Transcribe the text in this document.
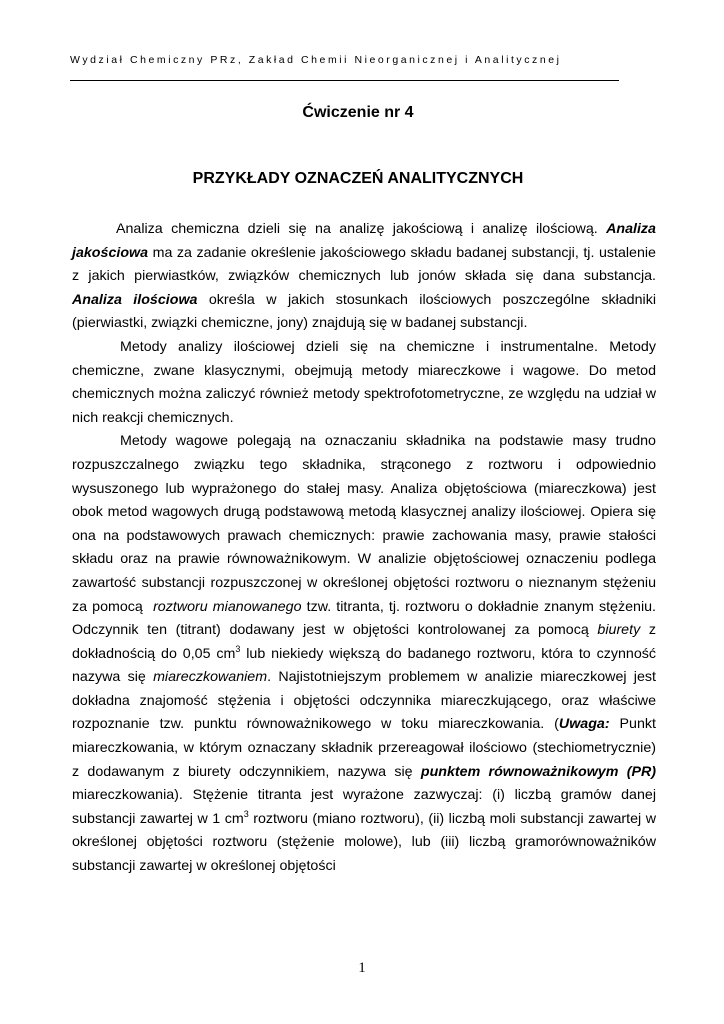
Wydział Chemiczny PRz, Zakład Chemii Nieorganicznej i Analitycznej
Ćwiczenie nr 4
PRZYKŁADY OZNACZEŃ ANALITYCZNYCH

Analiza chemiczna dzieli się na analizę jakościową i analizę ilościową. Analiza jakościowa ma za zadanie określenie jakościowego składu badanej substancji, tj. ustalenie z jakich pierwiastków, związków chemicznych lub jonów składa się dana substancja. Analiza ilościowa określa w jakich stosunkach ilościowych poszczególne składniki (pierwiastki, związki chemiczne, jony) znajdują się w badanej substancji.

Metody analizy ilościowej dzieli się na chemiczne i instrumentalne. Metody chemiczne, zwane klasycznymi, obejmują metody miareczkowe i wagowe. Do metod chemicznych można zaliczyć również metody spektrofotometryczne, ze względu na udział w nich reakcji chemicznych.

Metody wagowe polegają na oznaczaniu składnika na podstawie masy trudno rozpuszczalnego związku tego składnika, strąconego z roztworu i odpowiednio wysuszonego lub wyprażonego do stałej masy. Analiza objętościowa (miareczkowa) jest obok metod wagowych drugą podstawową metodą klasycznej analizy ilościowej. Opiera się ona na podstawowych prawach chemicznych: prawie zachowania masy, prawie stałości składu oraz na prawie równoważnikowym. W analizie objętościowej oznaczeniu podlega zawartość substancji rozpuszczonej w określonej objętości roztworu o nieznanym stężeniu za pomocą roztworu mianowanego tzw. titranta, tj. roztworu o dokładnie znanym stężeniu. Odczynnik ten (titrant) dodawany jest w objętości kontrolowanej za pomocą biurety z dokładnością do 0,05 $cm^3$ lub niekiedy większą do badanego roztworu, która to czynność nazywa się miareczkowaniem. Najistotniejszym problemem w analizie miareczkowej jest dokładna znajomość stężenia i objętości odczynnika miareczkującego, oraz właściwe rozpoznanie tzw. punktu równoważnikowego w toku miareczkowania. (Uwaga: Punkt miareczkowania, w którym oznaczany składnik przereagował ilościowo (stechiometrycznie) z dodawanym z biurety odczynnikiem, nazywa się punktem równoważnikowym (PR) miareczkowania). Stężenie titranta jest wyrażone zazwyczaj: (i) liczbą gramów danej substancji zawartej w 1 $cm^3$ roztworu (miano roztworu), (ii) liczbą moli substancji zawartej w określonej objętości roztworu (stężenie molowe), lub (iii) liczbą gramorównoważników substancji zawartej w określonej objętości

1
